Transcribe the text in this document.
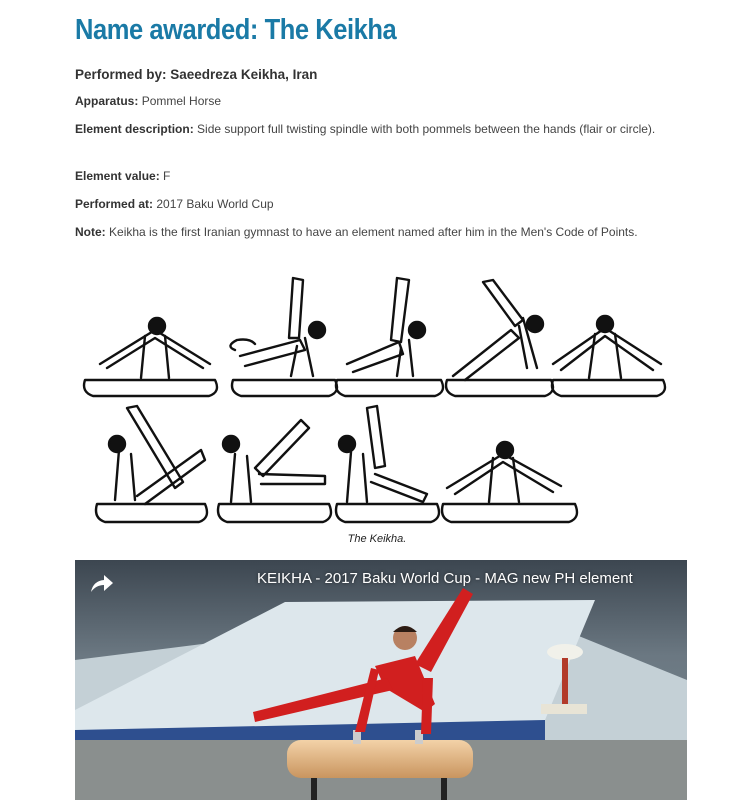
Name awarded: The Keikha
Performed by: Saeedreza Keikha, Iran
Apparatus: Pommel Horse
Element description: Side support full twisting spindle with both pommels between the hands (flair or circle).
Element value: F
Performed at: 2017 Baku World Cup
Note: Keikha is the first Iranian gymnast to have an element named after him in the Men's Code of Points.
The Keikha.
KEIKHA - 2017 Baku World Cup - MAG new PH element
